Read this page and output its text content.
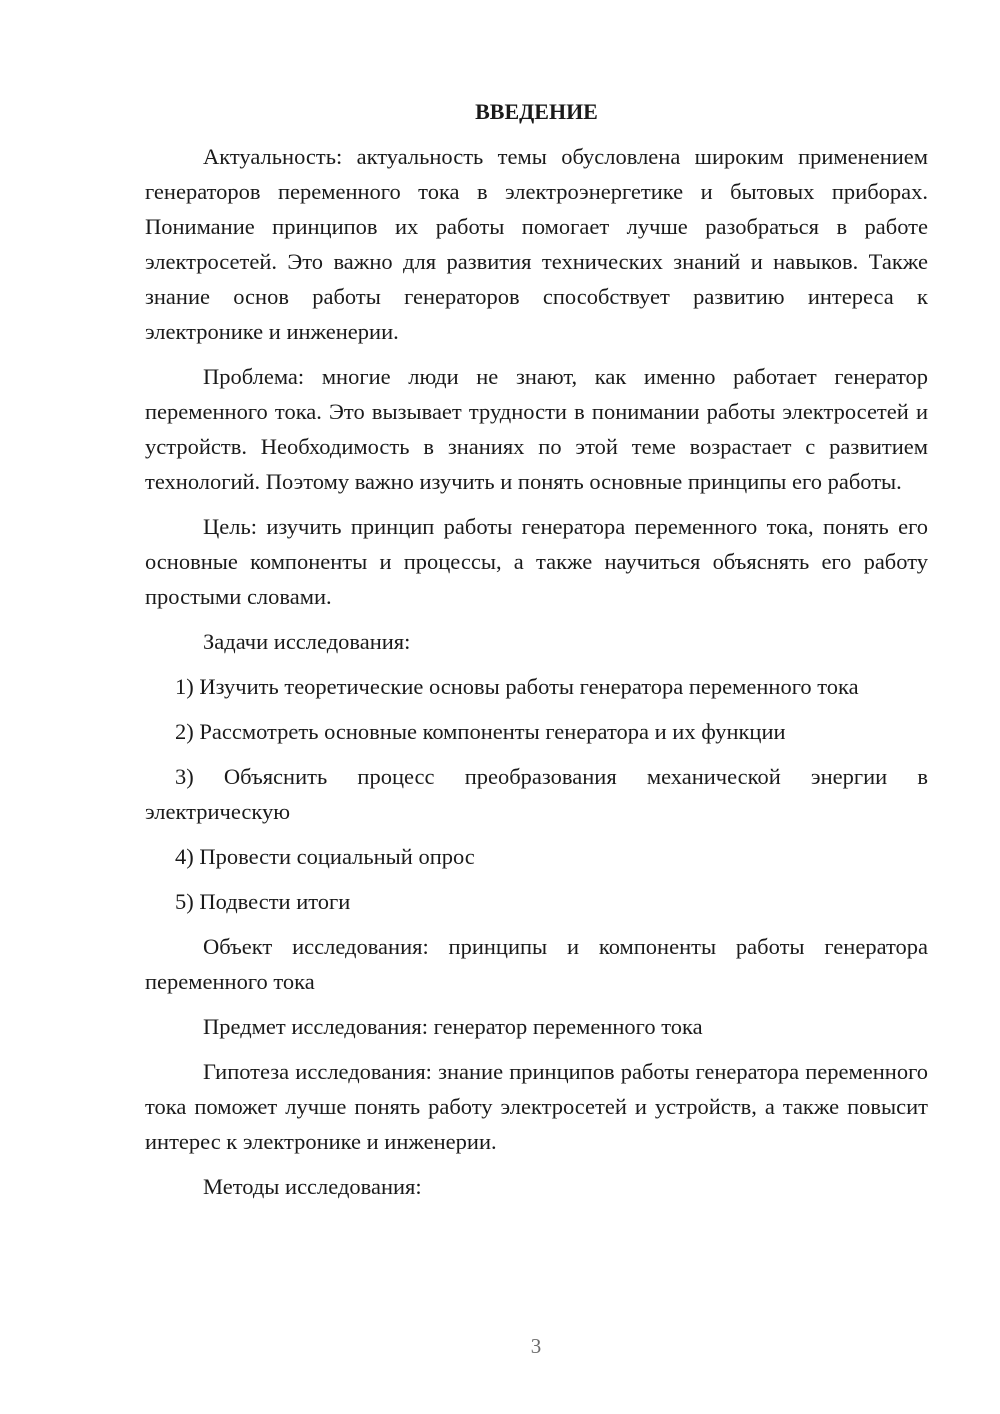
ВВЕДЕНИЕ

Актуальность: актуальность темы обусловлена широким применением генераторов переменного тока в электроэнергетике и бытовых приборах. Понимание принципов их работы помогает лучше разобраться в работе электросетей. Это важно для развития технических знаний и навыков. Также знание основ работы генераторов способствует развитию интереса к электронике и инженерии.

Проблема: многие люди не знают, как именно работает генератор переменного тока. Это вызывает трудности в понимании работы электросетей и устройств. Необходимость в знаниях по этой теме возрастает с развитием технологий. Поэтому важно изучить и понять основные принципы его работы.

Цель: изучить принцип работы генератора переменного тока, понять его основные компоненты и процессы, а также научиться объяснять его работу простыми словами.

Задачи исследования:

1) Изучить теоретические основы работы генератора переменного тока

2) Рассмотреть основные компоненты генератора и их функции

3) Объяснить процесс преобразования механической энергии в электрическую

4) Провести социальный опрос

5) Подвести итоги

Объект исследования: принципы и компоненты работы генератора переменного тока

Предмет исследования: генератор переменного тока

Гипотеза исследования: знание принципов работы генератора переменного тока поможет лучше понять работу электросетей и устройств, а также повысит интерес к электронике и инженерии.

Методы исследования:

3
